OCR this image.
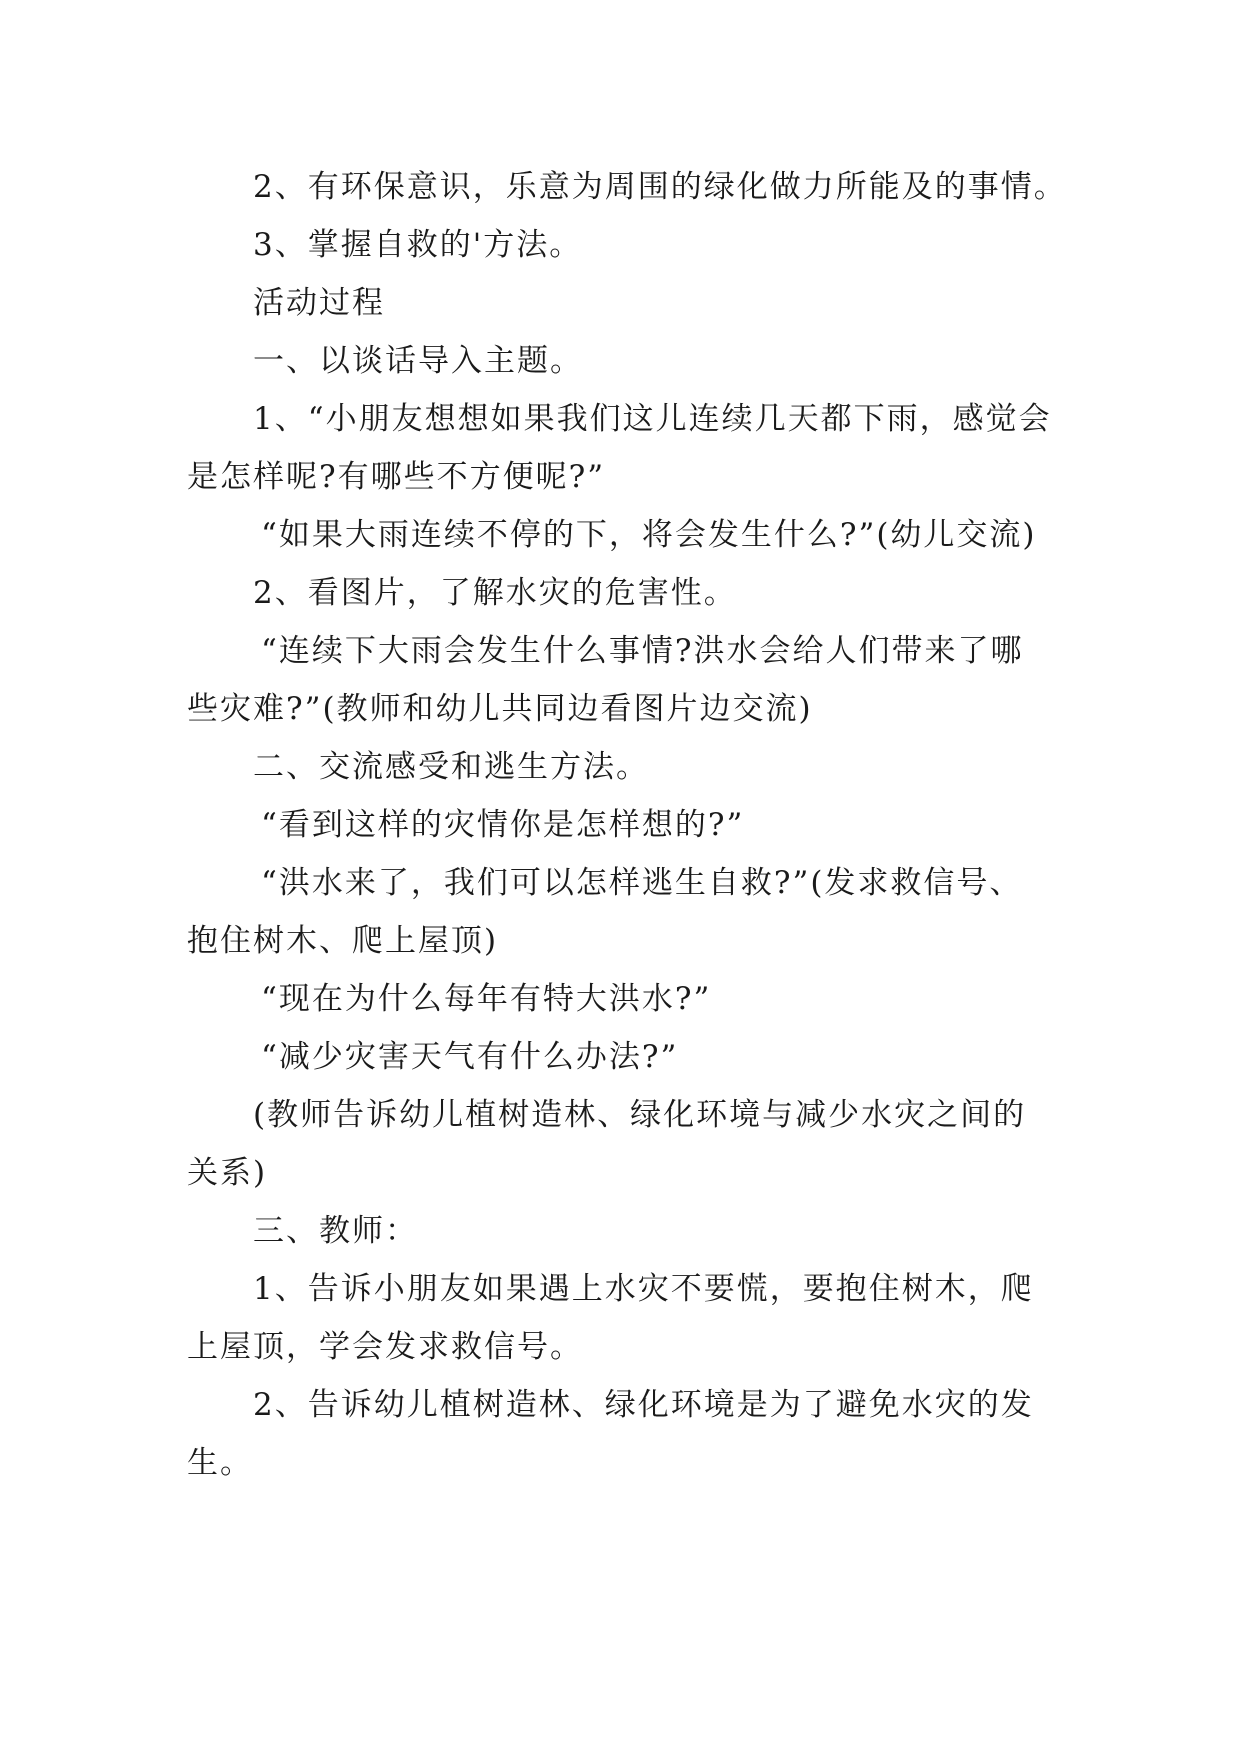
2、有环保意识，乐意为周围的绿化做力所能及的事情。
3、掌握自救的'方法。
活动过程
一、以谈话导入主题。
1、“小朋友想想如果我们这儿连续几天都下雨，感觉会
是怎样呢?有哪些不方便呢?”
“如果大雨连续不停的下，将会发生什么?”(幼儿交流)
2、看图片，了解水灾的危害性。
“连续下大雨会发生什么事情?洪水会给人们带来了哪
些灾难?”(教师和幼儿共同边看图片边交流)
二、交流感受和逃生方法。
“看到这样的灾情你是怎样想的?”
“洪水来了，我们可以怎样逃生自救?”(发求救信号、
抱住树木、爬上屋顶)
“现在为什么每年有特大洪水?”
“减少灾害天气有什么办法?”
(教师告诉幼儿植树造林、绿化环境与减少水灾之间的
关系)
三、教师：
1、告诉小朋友如果遇上水灾不要慌，要抱住树木，爬
上屋顶，学会发求救信号。
2、告诉幼儿植树造林、绿化环境是为了避免水灾的发
生。
